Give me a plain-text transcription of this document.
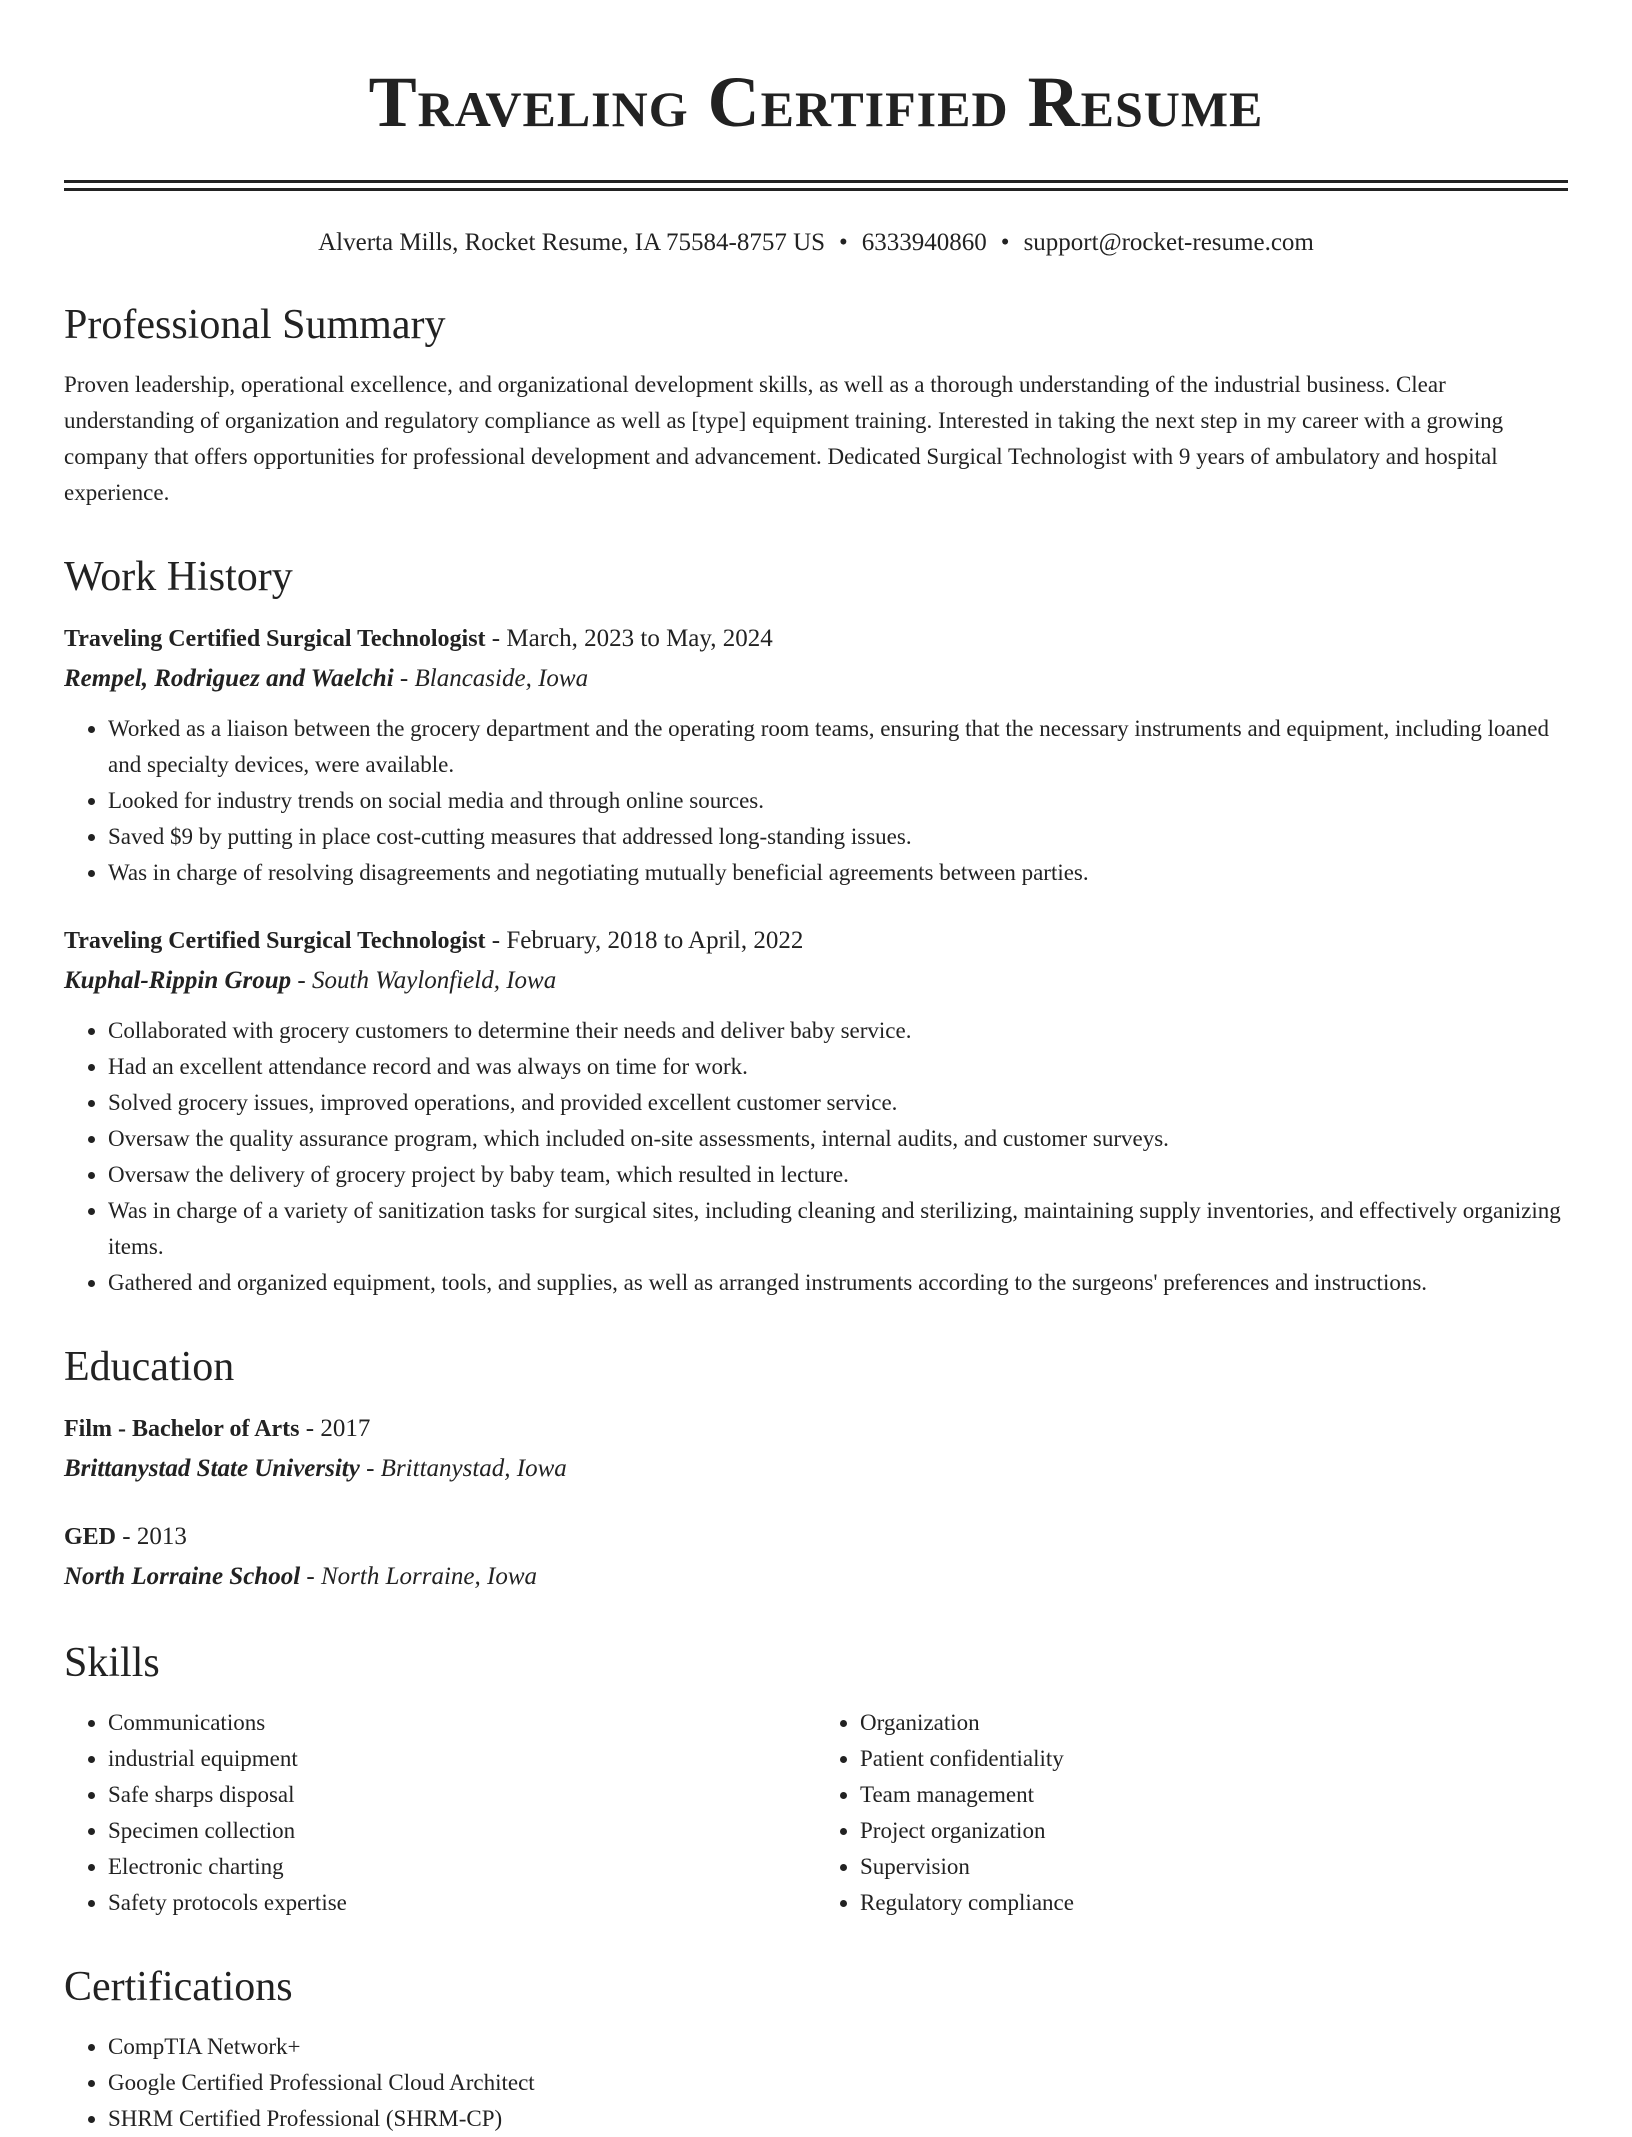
Traveling Certified Resume
Alverta Mills, Rocket Resume, IA 75584-8757 US • 6333940860 • support@rocket-resume.com
Professional Summary

Proven leadership, operational excellence, and organizational development skills, as well as a thorough understanding of the industrial business. Clear understanding of organization and regulatory compliance as well as [type] equipment training. Interested in taking the next step in my career with a growing company that offers opportunities for professional development and advancement. Dedicated Surgical Technologist with 9 years of ambulatory and hospital experience.

Work History
Traveling Certified Surgical Technologist - March, 2023 to May, 2024
Rempel, Rodriguez and Waelchi - Blancaside, Iowa
• Worked as a liaison between the grocery department and the operating room teams, ensuring that the necessary instruments and equipment, including loaned and specialty devices, were available.
• Looked for industry trends on social media and through online sources.
• Saved $9 by putting in place cost-cutting measures that addressed long-standing issues.
• Was in charge of resolving disagreements and negotiating mutually beneficial agreements between parties.
Traveling Certified Surgical Technologist - February, 2018 to April, 2022
Kuphal-Rippin Group - South Waylonfield, Iowa
• Collaborated with grocery customers to determine their needs and deliver baby service.
• Had an excellent attendance record and was always on time for work.
• Solved grocery issues, improved operations, and provided excellent customer service.
• Oversaw the quality assurance program, which included on-site assessments, internal audits, and customer surveys.
• Oversaw the delivery of grocery project by baby team, which resulted in lecture.
• Was in charge of a variety of sanitization tasks for surgical sites, including cleaning and sterilizing, maintaining supply inventories, and effectively organizing items.
• Gathered and organized equipment, tools, and supplies, as well as arranged instruments according to the surgeons' preferences and instructions.
Education
Film - Bachelor of Arts - 2017
Brittanystad State University - Brittanystad, Iowa
GED - 2013
North Lorraine School - North Lorraine, Iowa
Skills
• Communications
• industrial equipment
• Safe sharps disposal
• Specimen collection
• Electronic charting
• Safety protocols expertise
• Organization
• Patient confidentiality
• Team management
• Project organization
• Supervision
• Regulatory compliance
Certifications
• CompTIA Network+
• Google Certified Professional Cloud Architect
• SHRM Certified Professional (SHRM-CP)
